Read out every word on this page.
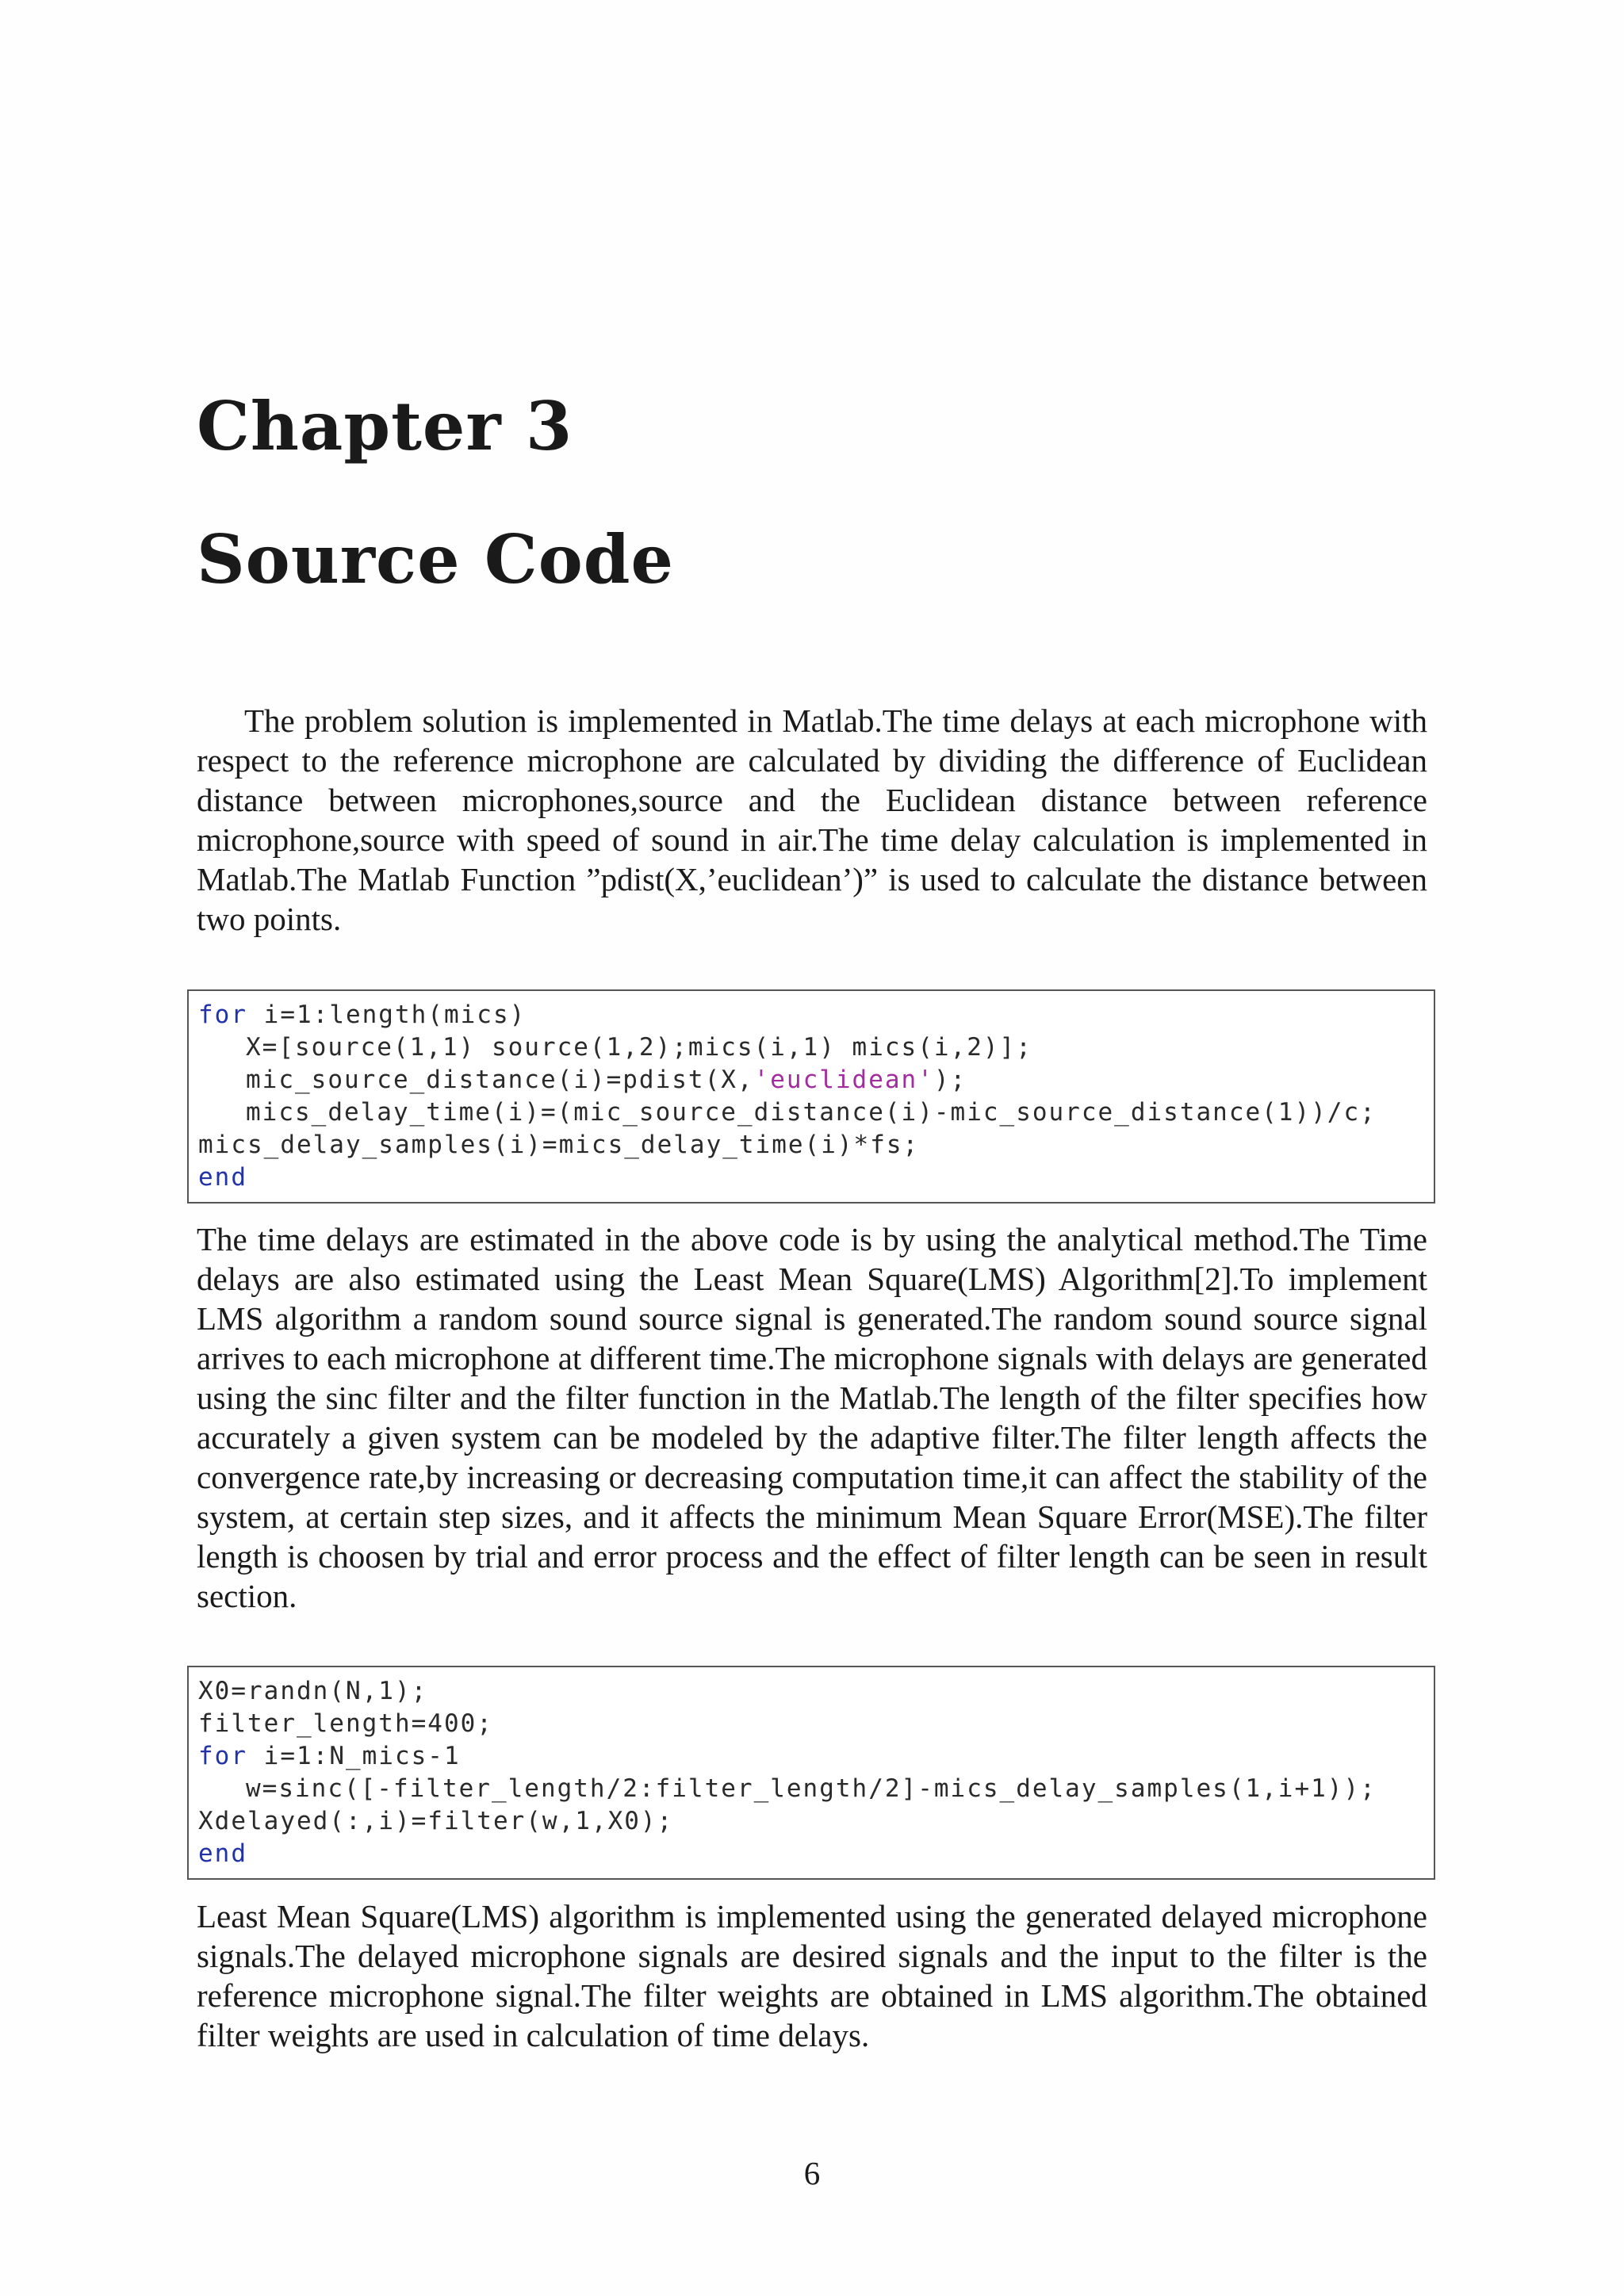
Chapter 3
Source Code

The problem solution is implemented in Matlab.The time delays at each microphone with respect to the reference microphone are calculated by dividing the difference of Euclidean distance between microphones,source and the Euclidean distance between reference microphone,source with speed of sound in air.The time delay calculation is implemented in Matlab.The Matlab Function ”pdist(X,’euclidean’)” is used to calculate the distance between two points.

for i=1:length(mics)
X=[source(1,1) source(1,2);mics(i,1) mics(i,2)];
mic_source_distance(i)=pdist(X,'euclidean');
mics_delay_time(i)=(mic_source_distance(i)-mic_source_distance(1))/c;
mics_delay_samples(i)=mics_delay_time(i)*fs;
end

The time delays are estimated in the above code is by using the analytical method.The Time delays are also estimated using the Least Mean Square(LMS) Algorithm[2].To implement LMS algorithm a random sound source signal is generated.The random sound source signal arrives to each microphone at different time.The microphone signals with delays are generated using the sinc filter and the filter function in the Matlab.The length of the filter specifies how accurately a given system can be modeled by the adaptive filter.The filter length affects the convergence rate,by increasing or decreasing computation time,it can affect the stability of the system, at certain step sizes, and it affects the minimum Mean Square Error(MSE).The filter length is choosen by trial and error process and the effect of filter length can be seen in result section.

X0=randn(N,1);
filter_length=400;
for i=1:N_mics-1
w=sinc([-filter_length/2:filter_length/2]-mics_delay_samples(1,i+1));
Xdelayed(:,i)=filter(w,1,X0);
end

Least Mean Square(LMS) algorithm is implemented using the generated delayed microphone signals.The delayed microphone signals are desired signals and the input to the filter is the reference microphone signal.The filter weights are obtained in LMS algorithm.The obtained filter weights are used in calculation of time delays.

6
